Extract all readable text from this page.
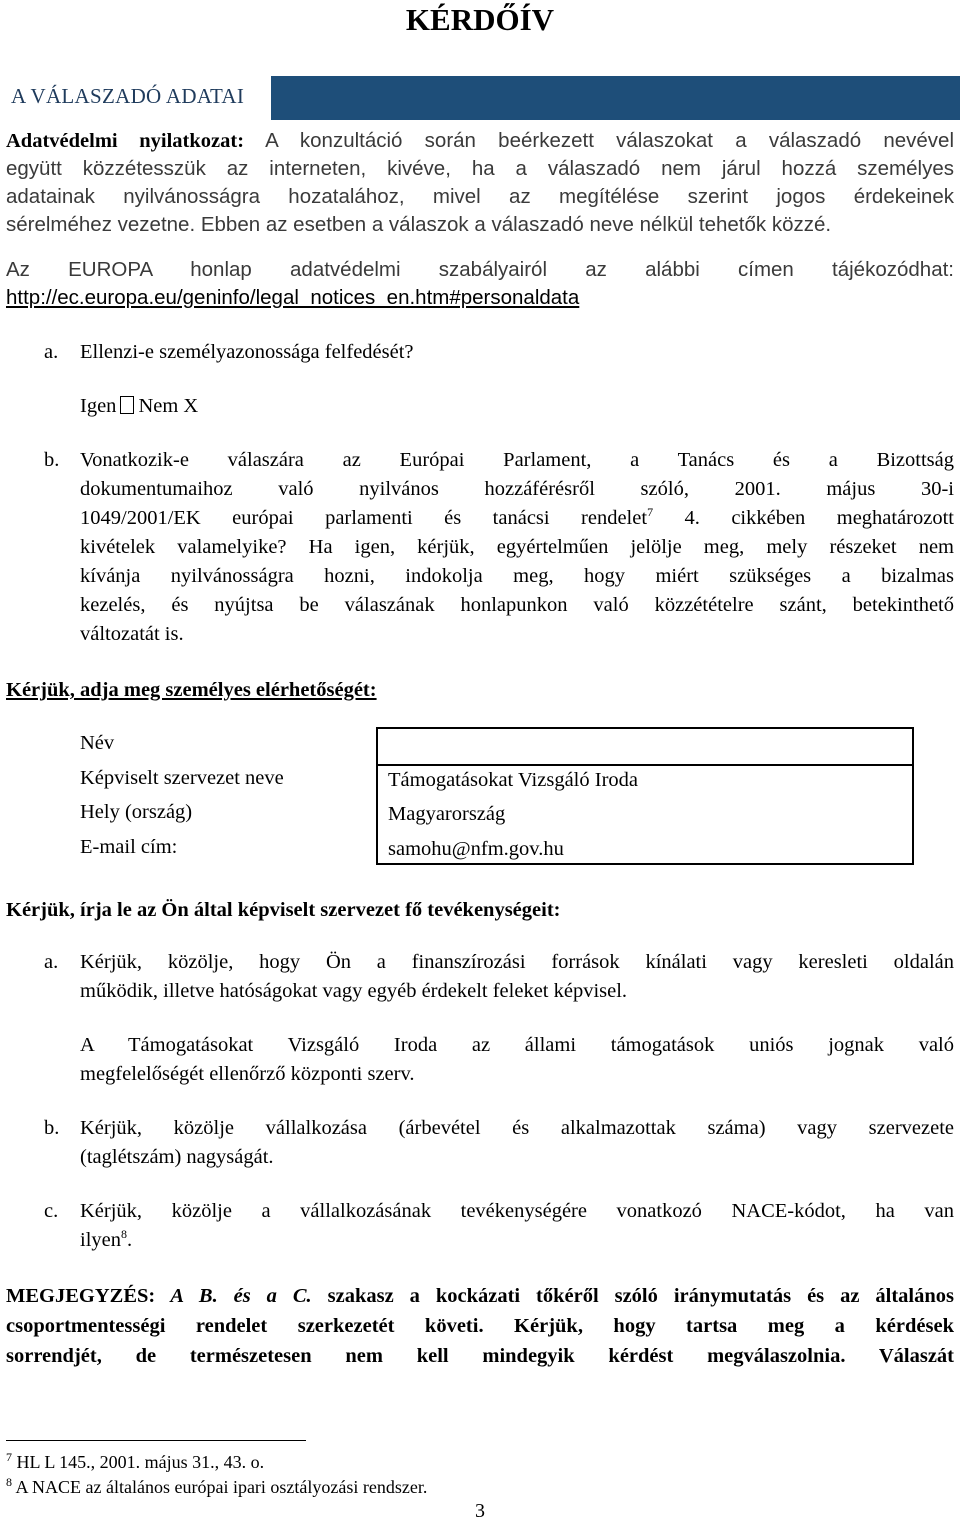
KÉRDŐÍV
A VÁLASZADÓ ADATAI
Adatvédelmi nyilatkozat: A konzultáció során beérkezett válaszokat a válaszadó nevével
együtt közzétesszük az interneten, kivéve, ha a válaszadó nem járul hozzá személyes
adatainak nyilvánosságra hozatalához, mivel az megítélése szerint jogos érdekeinek
sérelméhez vezetne. Ebben az esetben a válaszok a válaszadó neve nélkül tehetők közzé.
Az EUROPA honlap adatvédelmi szabályairól az alábbi címen tájékozódhat:
http://ec.europa.eu/geninfo/legal_notices_en.htm#personaldata
a. Ellenzi-e személyazonossága felfedését?
Igen Nem X
b. Vonatkozik-e válaszára az Európai Parlament, a Tanács és a Bizottság
dokumentumaihoz való nyilvános hozzáférésről szóló, 2001. május 30-i
1049/2001/EK európai parlamenti és tanácsi rendelet$^7$ 4. cikkében meghatározott
kivételek valamelyike? Ha igen, kérjük, egyértelműen jelölje meg, mely részeket nem
kívánja nyilvánosságra hozni, indokolja meg, hogy miért szükséges a bizalmas
kezelés, és nyújtsa be válaszának honlapunkon való közzétételre szánt, betekinthető
változatát is.
Kérjük, adja meg személyes elérhetőségét:
Név
Képviselt szervezet neve
Hely (ország)
E-mail cím:
Támogatásokat Vizsgáló Iroda
Magyarország
samohu@nfm.gov.hu
Kérjük, írja le az Ön által képviselt szervezet fő tevékenységeit:
a. Kérjük, közölje, hogy Ön a finanszírozási források kínálati vagy keresleti oldalán
működik, illetve hatóságokat vagy egyéb érdekelt feleket képvisel.
A Támogatásokat Vizsgáló Iroda az állami támogatások uniós jognak való
megfelelőségét ellenőrző központi szerv.
b. Kérjük, közölje vállalkozása (árbevétel és alkalmazottak száma) vagy szervezete
(taglétszám) nagyságát.
c. Kérjük, közölje a vállalkozásának tevékenységére vonatkozó NACE-kódot, ha van
ilyen$^8$.
MEGJEGYZÉS: A B. és a C. szakasz a kockázati tőkéről szóló iránymutatás és az általános
csoportmentességi rendelet szerkezetét követi. Kérjük, hogy tartsa meg a kérdések
sorrendjét, de természetesen nem kell mindegyik kérdést megválaszolnia. Válaszát
$^7$ HL L 145., 2001. május 31., 43. o.
$^8$ A NACE az általános európai ipari osztályozási rendszer.
3
